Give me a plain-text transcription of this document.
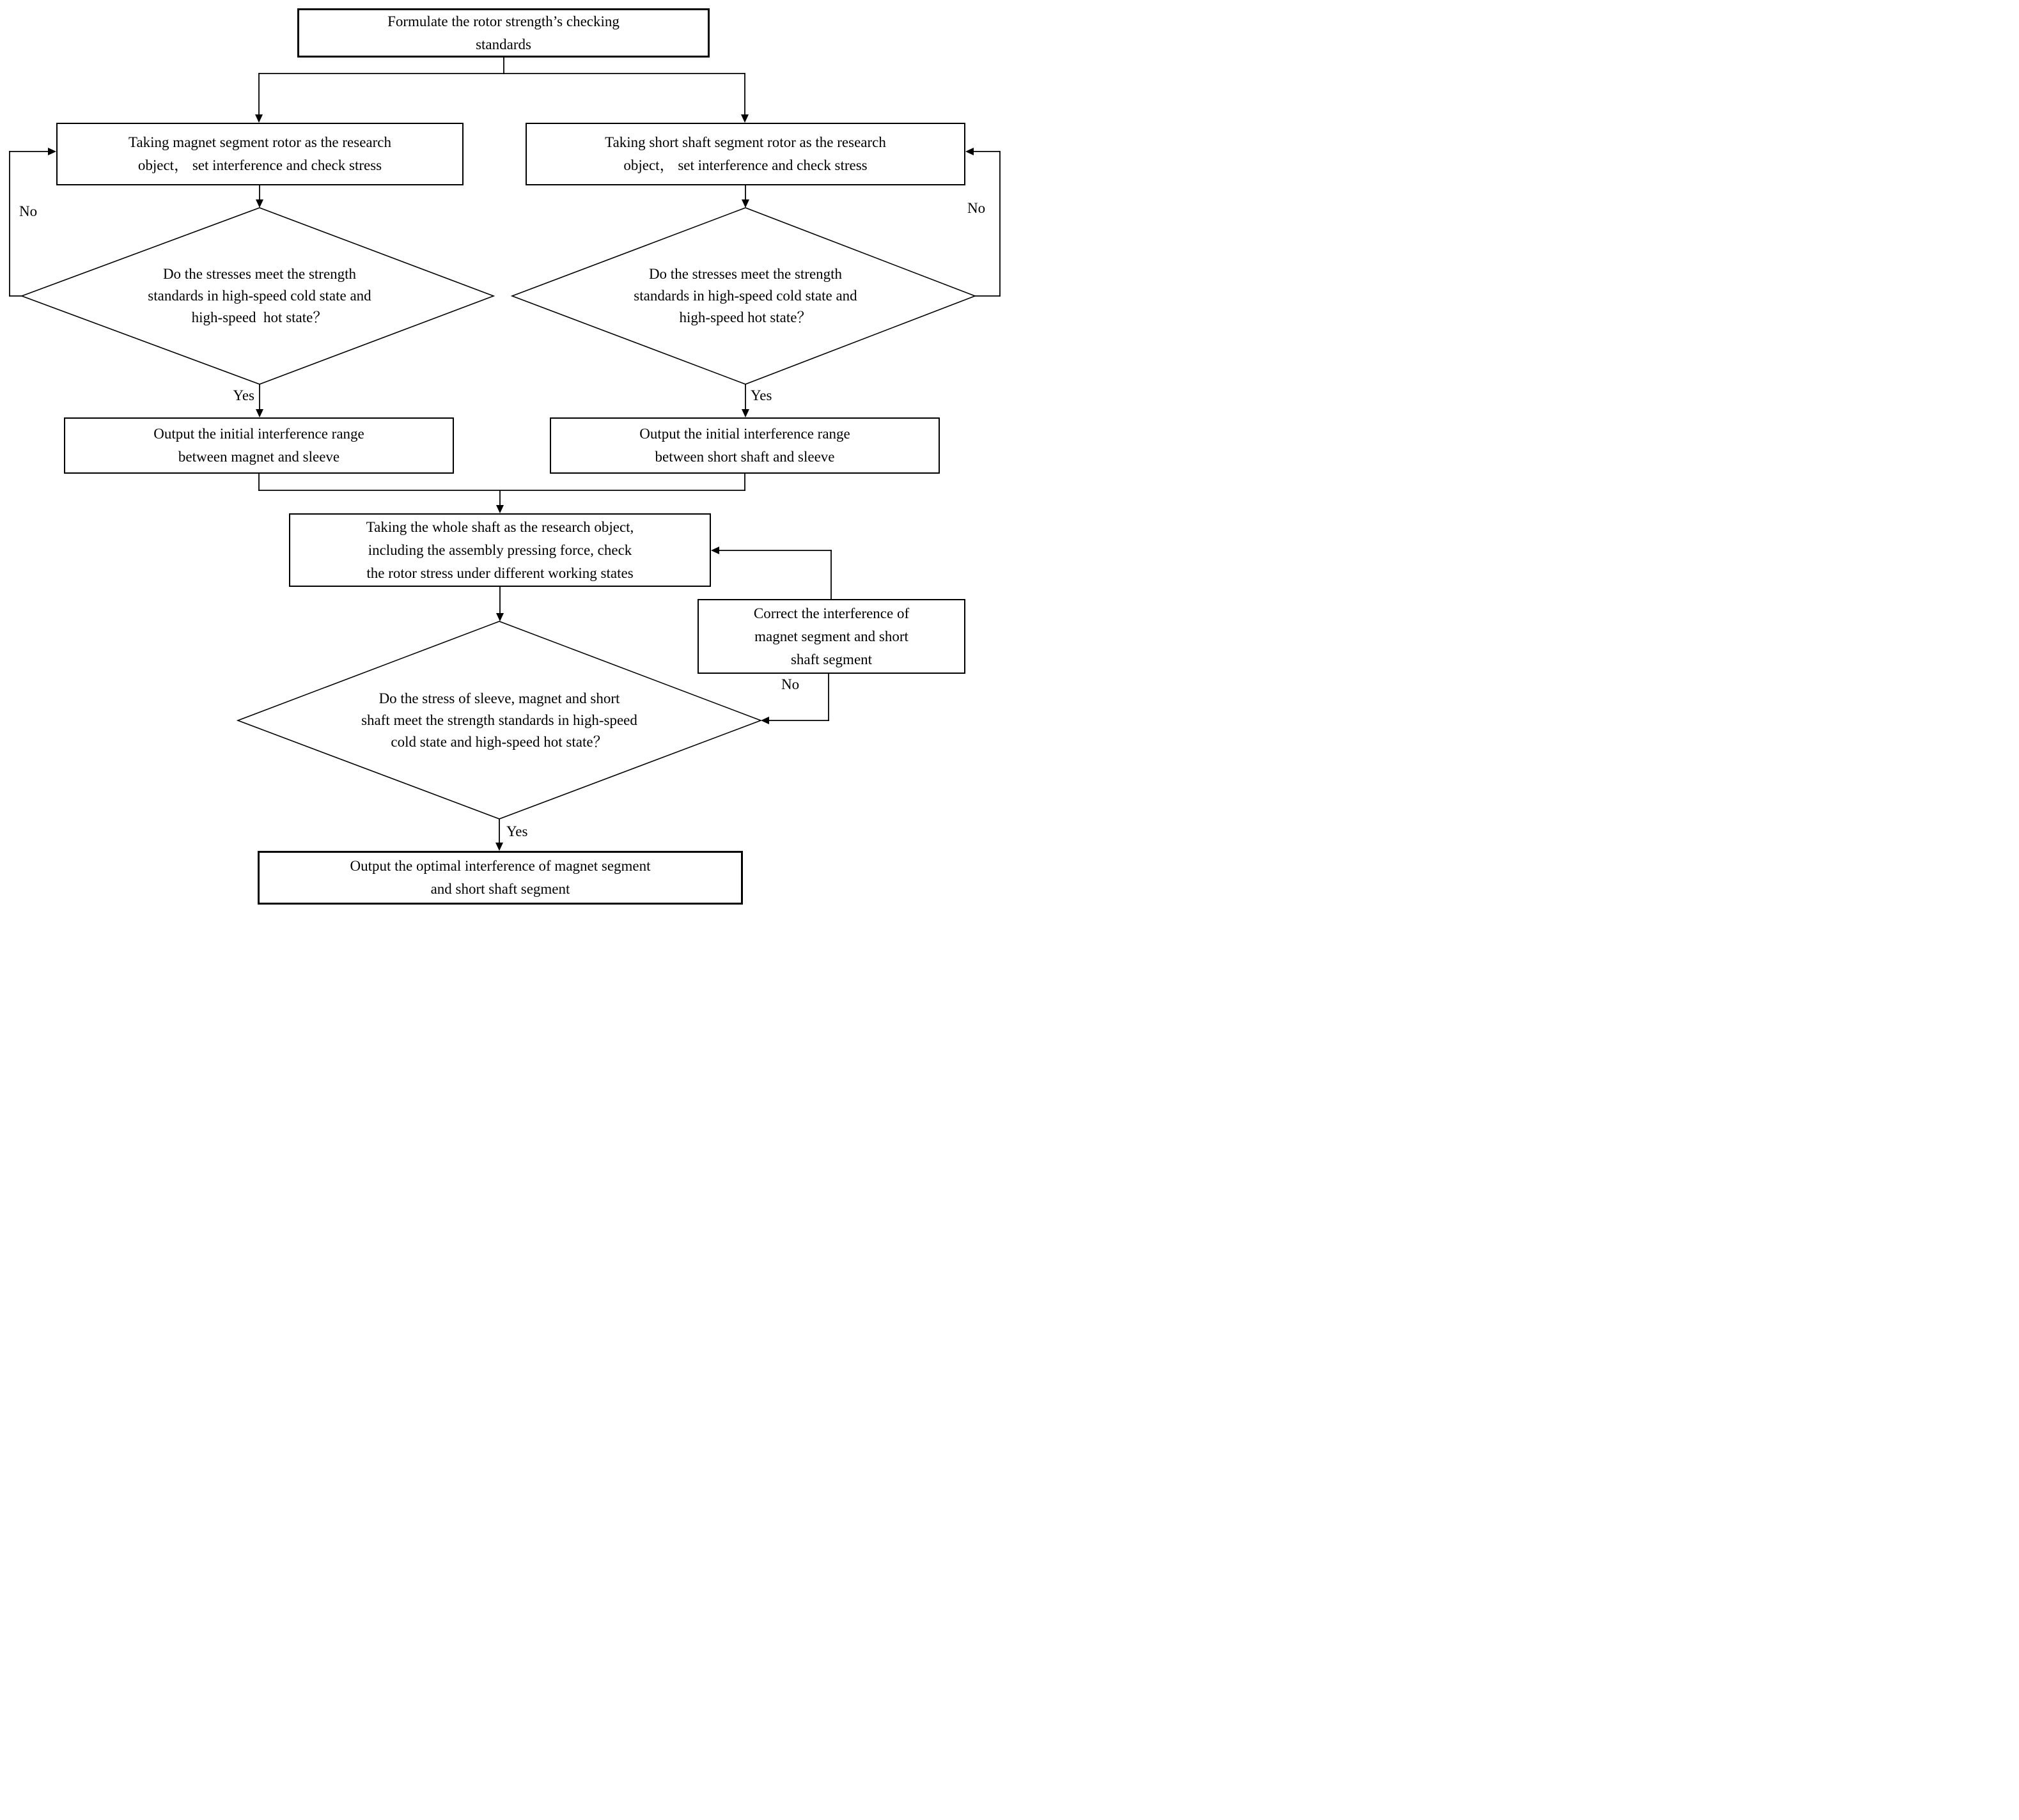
Formulate the rotor strength’s checking
standards
Taking magnet segment rotor as the research
object， set interference and check stress
Taking short shaft segment rotor as the research
object， set interference and check stress
Output the initial interference range
between magnet and sleeve
Output the initial interference range
between short shaft and sleeve
Taking the whole shaft as the research object,
including the assembly pressing force, check
the rotor stress under different working states
Correct the interference of
magnet segment and short
shaft segment
Output the optimal interference of magnet segment
and short shaft segment
Do the stresses meet the strength
standards in high-speed cold state and
high-speed  hot state？
Do the stresses meet the strength
standards in high-speed cold state and
high-speed hot state？
Do the stress of sleeve, magnet and short
shaft meet the strength standards in high-speed
cold state and high-speed hot state？
No	No
Yes	Yes
No
Yes
